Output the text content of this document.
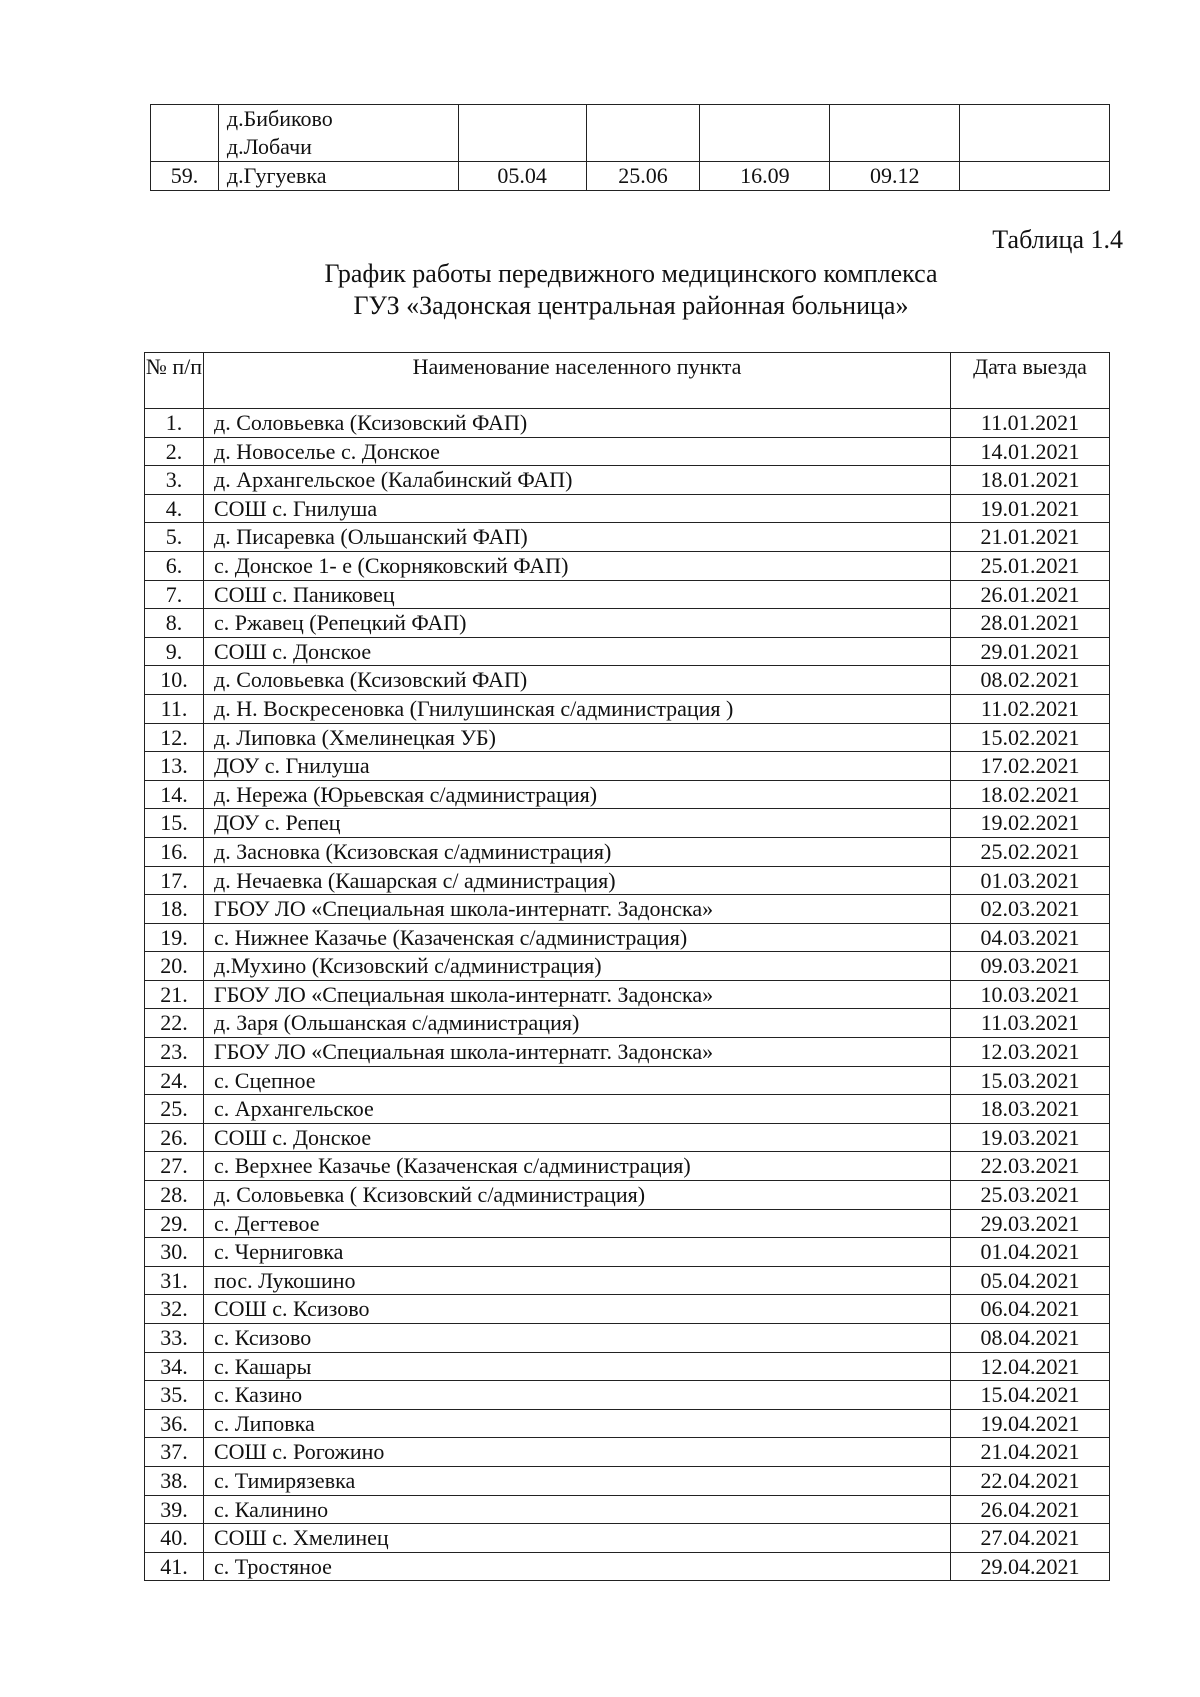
	д.Бибиково
д.Лобачи					

59.	д.Гугуевка	05.04	25.06	16.09	09.12	
Таблица 1.4
График работы передвижного медицинского комплекса
ГУЗ «Задонская центральная районная больница»
№ п/п	Наименование населенного пункта	Дата выезда
1.	д. Соловьевка (Ксизовский ФАП)	11.01.2021
2.	д. Новоселье с. Донское	14.01.2021
3.	д. Архангельское (Калабинский ФАП)	18.01.2021
4.	СОШ с. Гнилуша	19.01.2021
5.	д. Писаревка (Ольшанский ФАП)	21.01.2021
6.	с. Донское 1- е (Скорняковский ФАП)	25.01.2021
7.	СОШ с. Паниковец	26.01.2021
8.	с. Ржавец (Репецкий ФАП)	28.01.2021
9.	СОШ с. Донское	29.01.2021
10.	д. Соловьевка (Ксизовский ФАП)	08.02.2021
11.	д. Н. Воскресеновка (Гнилушинская с/администрация )	11.02.2021
12.	д. Липовка (Хмелинецкая УБ)	15.02.2021
13.	ДОУ с. Гнилуша	17.02.2021
14.	д. Нережа (Юрьевская с/администрация)	18.02.2021
15.	ДОУ с. Репец	19.02.2021
16.	д. Засновка (Ксизовская с/администрация)	25.02.2021
17.	д. Нечаевка (Кашарская с/ администрация)	01.03.2021
18.	ГБОУ ЛО «Специальная школа-интернатг. Задонска»	02.03.2021
19.	с. Нижнее Казачье (Казаченская с/администрация)	04.03.2021
20.	д.Мухино (Ксизовский с/администрация)	09.03.2021
21.	ГБОУ ЛО «Специальная школа-интернатг. Задонска»	10.03.2021
22.	д. Заря (Ольшанская с/администрация)	11.03.2021
23.	ГБОУ ЛО «Специальная школа-интернатг. Задонска»	12.03.2021
24.	с. Сцепное	15.03.2021
25.	с. Архангельское	18.03.2021
26.	СОШ с. Донское	19.03.2021
27.	с. Верхнее Казачье (Казаченская с/администрация)	22.03.2021
28.	д. Соловьевка ( Ксизовский с/администрация)	25.03.2021
29.	с. Дегтевое	29.03.2021
30.	с. Черниговка	01.04.2021
31.	пос. Лукошино	05.04.2021
32.	СОШ с. Ксизово	06.04.2021
33.	с. Ксизово	08.04.2021
34.	с. Кашары	12.04.2021
35.	с. Казино	15.04.2021
36.	с. Липовка	19.04.2021
37.	СОШ с. Рогожино	21.04.2021
38.	с. Тимирязевка	22.04.2021
39.	с. Калинино	26.04.2021
40.	СОШ с. Хмелинец	27.04.2021
41.	с. Тростяное	29.04.2021
